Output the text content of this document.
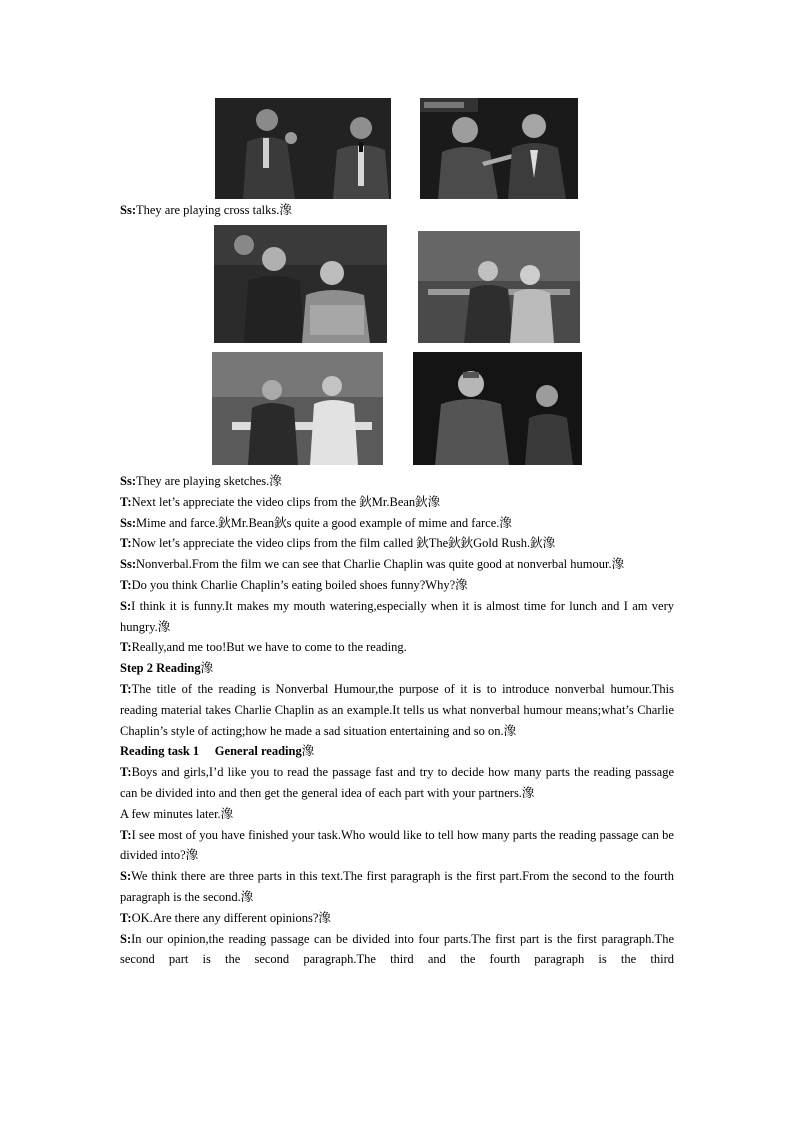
Ss:They are playing cross talks.潒

Ss:They are playing sketches.潒

T:Next let’s appreciate the video clips from the 鈥Mr.Bean鈥潒

Ss:Mime and farce.鈥Mr.Bean鈥s quite a good example of mime and farce.潒

T:Now let’s appreciate the video clips from the film called 鈥The鈥鈥Gold Rush.鈥潒

Ss:Nonverbal.From the film we can see that Charlie Chaplin was quite good at nonverbal humour.潒

T:Do you think Charlie Chaplin’s eating boiled shoes funny?Why?潒

S:I think it is funny.It makes my mouth watering,especially when it is almost time for lunch and I am very hungry.潒

T:Really,and me too!But we have to come to the reading.

Step 2 Reading潒

T:The title of the reading is Nonverbal Humour,the purpose of it is to introduce nonverbal humour.This reading material takes Charlie Chaplin as an example.It tells us what nonverbal humour means;what’s Charlie Chaplin’s style of acting;how he made a sad situation entertaining and so on.潒

Reading task 1     General reading潒

T:Boys and girls,I’d like you to read the passage fast and try to decide how many parts the reading passage can be divided into and then get the general idea of each part with your partners.潒

A few minutes later.潒

T:I see most of you have finished your task.Who would like to tell how many parts the reading passage can be divided into?潒

S:We think there are three parts in this text.The first paragraph is the first part.From the second to the fourth paragraph is the second.潒

T:OK.Are there any different opinions?潒

S:In our opinion,the reading passage can be divided into four parts.The first part is the first paragraph.The second part is the second paragraph.The third and the fourth paragraph is the third
